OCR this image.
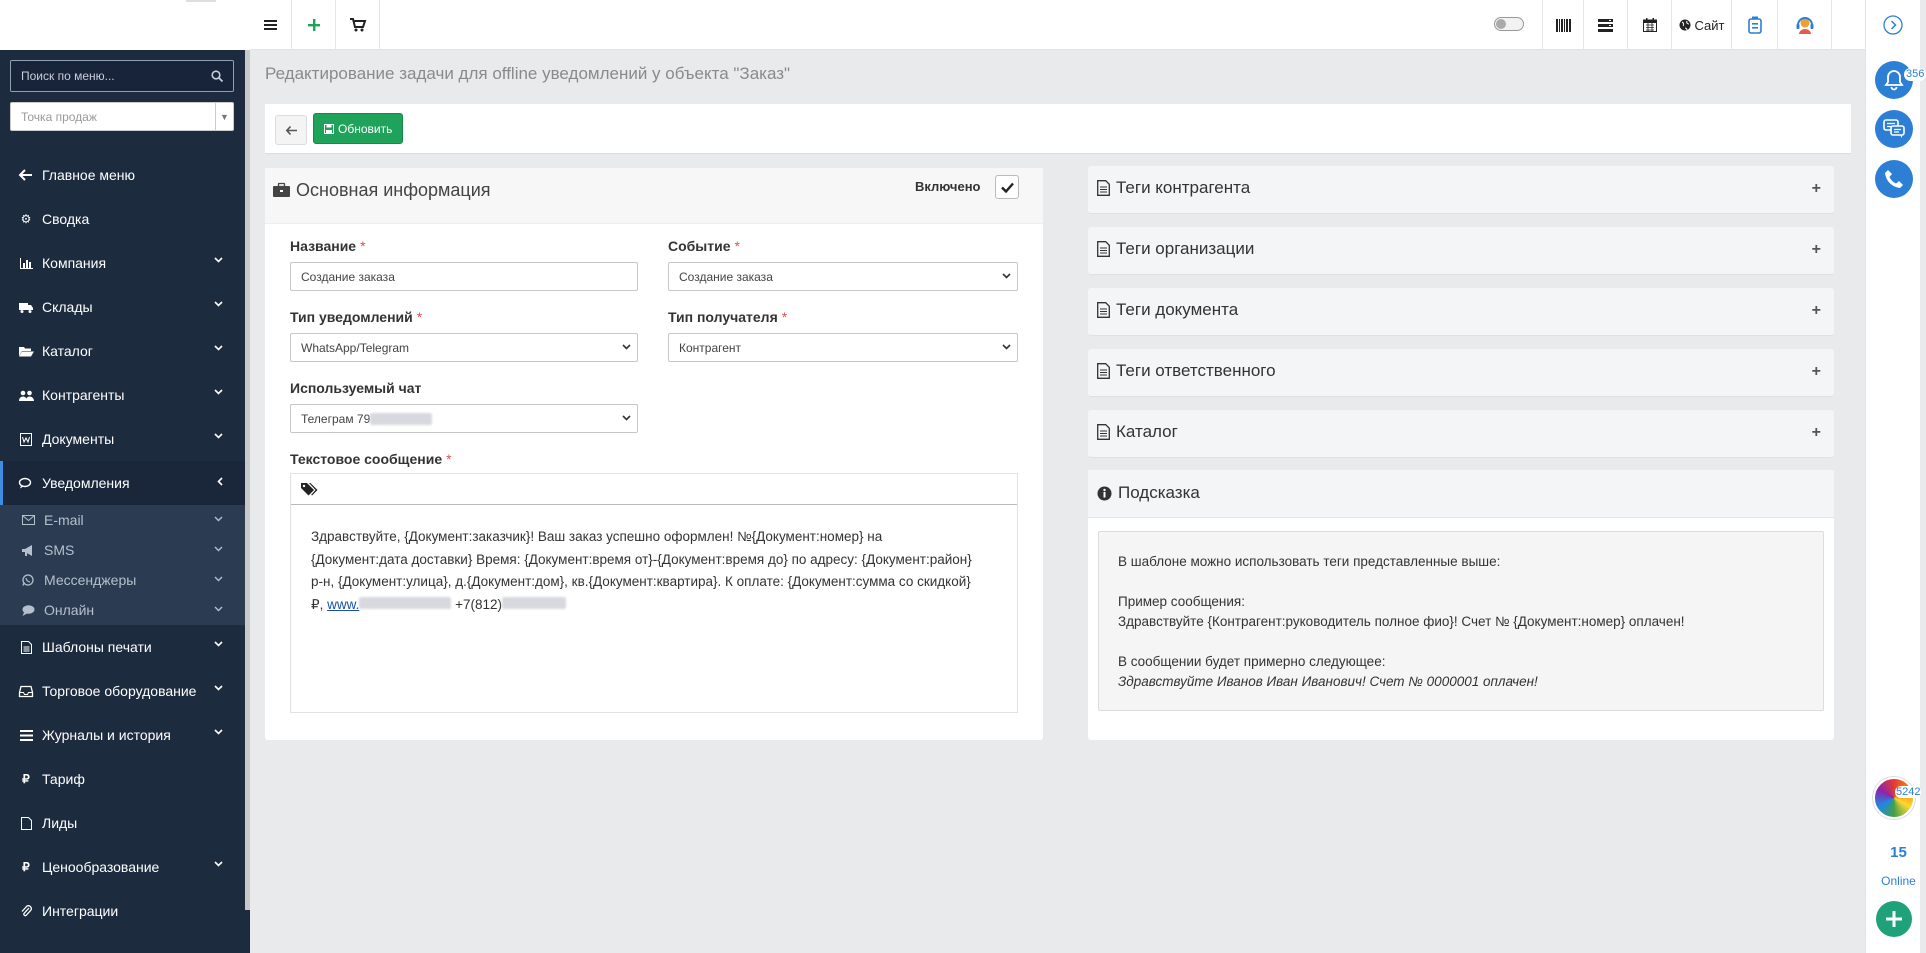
Сайт
Поиск по меню...
Точка продаж	▼
Главное меню
⚙ Сводка
Компания
Склады
Каталог
Контрагенты
Документы
Уведомления
E-mail
SMS
Мессенджеры
Онлайн
Шаблоны печати
Торговое оборудование
Журналы и история
₽ Тариф
Лиды
₽ Ценообразование
Интеграции
Редактирование задачи для offline уведомлений у объекта "Заказ"
Обновить
Основная информация	Включено
Название *
Создание заказа
Событие *
Создание заказа
Тип уведомлений *
WhatsApp/Telegram
Тип получателя *
Контрагент
Используемый чат
Телеграм 79
Текстовое сообщение *
Здравствуйте, {Документ:заказчик}! Ваш заказ успешно оформлен! №{Документ:номер} на
{Документ:дата доставки} Время: {Документ:время от}-{Документ:время до} по адресу: {Документ:район}
р-н, {Документ:улица}, д.{Документ:дом}, кв.{Документ:квартира}. К оплате: {Документ:сумма со скидкой}
₽, www.	+7(812)
Теги контрагента	+
Теги организации	+
Теги документа	+
Теги ответственного	+
Каталог	+
Подсказка

В шаблоне можно использовать теги представленные выше:

Пример сообщения:

Здравствуйте {Контрагент:руководитель полное фио}! Счет № {Документ:номер} оплачен!

В сообщении будет примерно следующее:

Здравствуйте Иванов Иван Иванович! Счет № 0000001 оплачен!

356
5242
15
Online
